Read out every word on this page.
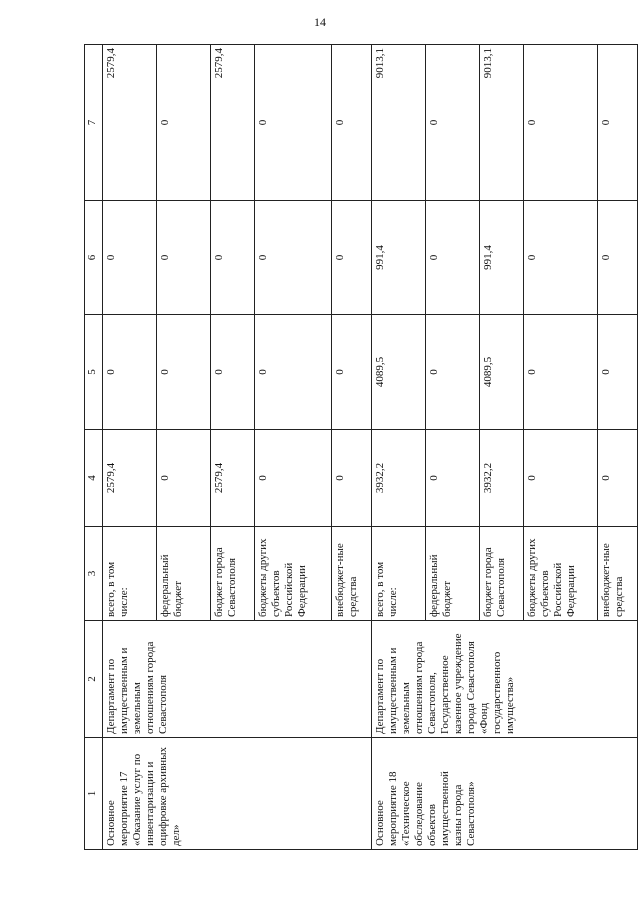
14
1	2	3	4	5	6	7
Основное мероприятие 17 «Оказание услуг по инвентаризации и оцифровке архивных дел»	Департамент по имущественным и земельным отношениям города Севастополя	всего, в том числе:	2579,4	0	0	2579,4
		федеральный бюджет	0	0	0	0
		бюджет города Севастополя	2579,4	0	0	2579,4
		бюджеты других субъектов Российской Федерации	0	0	0	0
		внебюджет-ные средства	0	0	0	0
Основное мероприятие 18 «Техническое обследование объектов имущественной казны города Севастополя»	Департамент по имущественным и земельным отношениям города Севастополя, Государственное казенное учреждение города Севастополя «Фонд государственного имущества»	всего, в том числе:	3932,2	4089,5	991,4	9013,1
		федеральный бюджет	0	0	0	0
		бюджет города Севастополя	3932,2	4089,5	991,4	9013,1
		бюджеты других субъектов Российской Федерации	0	0	0	0
		внебюджет-ные средства	0	0	0	0
